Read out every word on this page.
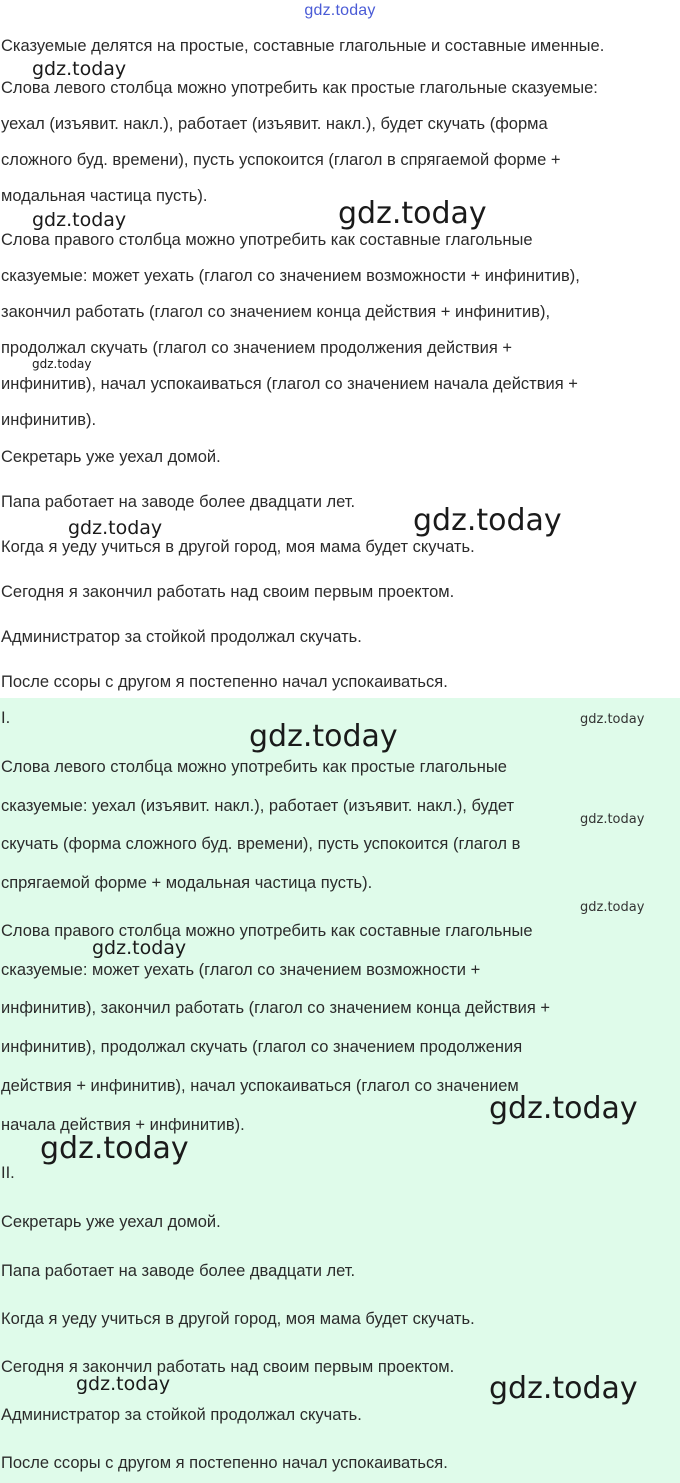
gdz.today
Сказуемые делятся на простые, составные глагольные и составные именные.
Слова левого столбца можно употребить как простые глагольные сказуемые:
уехал (изъявит. накл.), работает (изъявит. накл.), будет скучать (форма
сложного буд. времени), пусть успокоится (глагол в спрягаемой форме +
модальная частица пусть).
Слова правого столбца можно употребить как составные глагольные
сказуемые: может уехать (глагол со значением возможности + инфинитив),
закончил работать (глагол со значением конца действия + инфинитив),
продолжал скучать (глагол со значением продолжения действия +
инфинитив), начал успокаиваться (глагол со значением начала действия +
инфинитив).
Секретарь уже уехал домой.
Папа работает на заводе более двадцати лет.
Когда я уеду учиться в другой город, моя мама будет скучать.
Сегодня я закончил работать над своим первым проектом.
Администратор за стойкой продолжал скучать.
После ссоры с другом я постепенно начал успокаиваться.
I.
Слова левого столбца можно употребить как простые глагольные
сказуемые: уехал (изъявит. накл.), работает (изъявит. накл.), будет
скучать (форма сложного буд. времени), пусть успокоится (глагол в
спрягаемой форме + модальная частица пусть).
Слова правого столбца можно употребить как составные глагольные
сказуемые: может уехать (глагол со значением возможности +
инфинитив), закончил работать (глагол со значением конца действия +
инфинитив), продолжал скучать (глагол со значением продолжения
действия + инфинитив), начал успокаиваться (глагол со значением
начала действия + инфинитив).
II.
Секретарь уже уехал домой.
Папа работает на заводе более двадцати лет.
Когда я уеду учиться в другой город, моя мама будет скучать.
Сегодня я закончил работать над своим первым проектом.
Администратор за стойкой продолжал скучать.
После ссоры с другом я постепенно начал успокаиваться.
gdz.today
gdz.today	gdz.today
gdz.today
gdz.today	gdz.today
gdz.today
gdz.today
gdz.today
gdz.today
gdz.today
gdz.today
gdz.today
gdz.today	gdz.today
